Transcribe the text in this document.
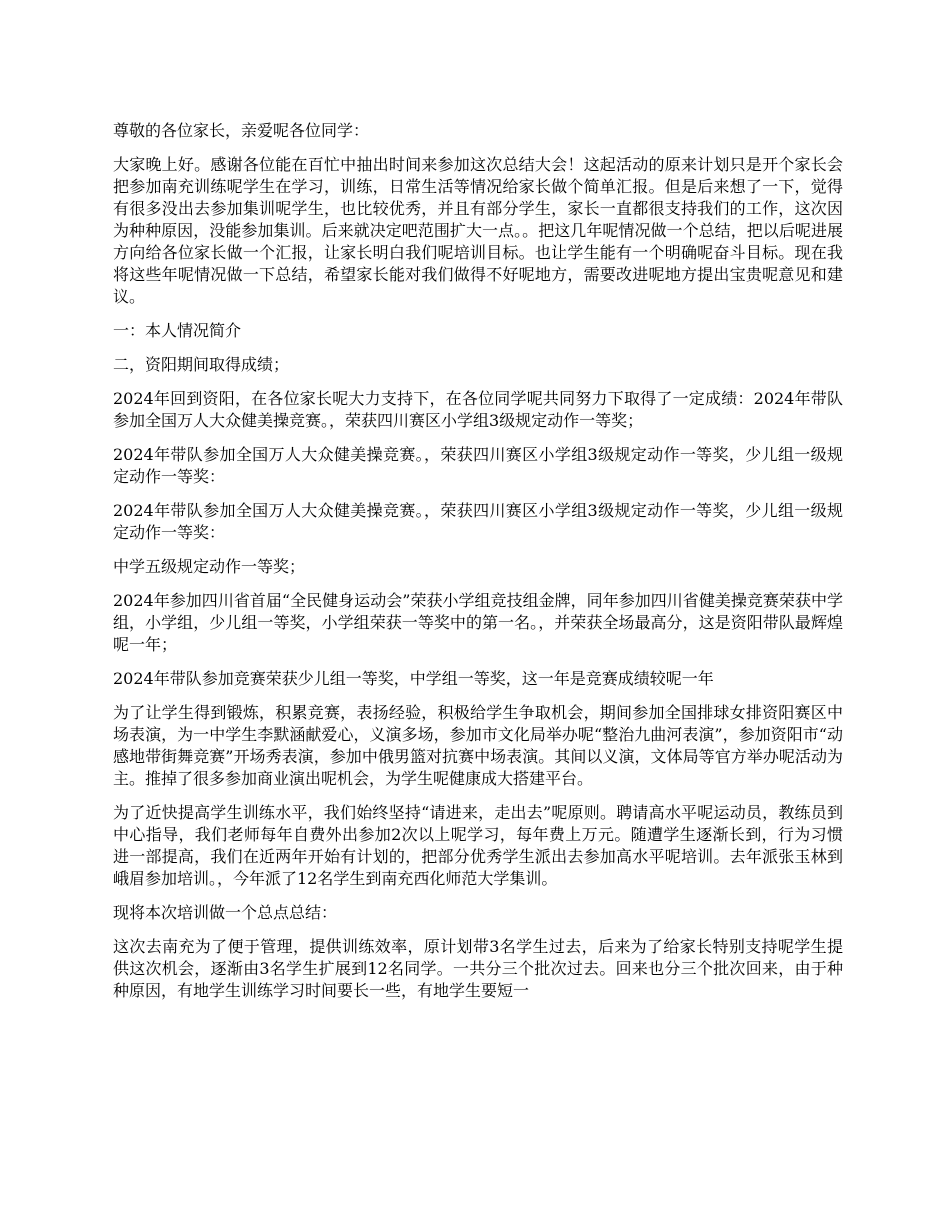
尊敬的各位家长，亲爱呢各位同学：

大家晚上好。感谢各位能在百忙中抽出时间来参加这次总结大会！这起活动的原来计划只是开个家长会把参加南充训练呢学生在学习，训练，日常生活等情况给家长做个简单汇报。但是后来想了一下，觉得有很多没出去参加集训呢学生，也比较优秀，并且有部分学生，家长一直都很支持我们的工作，这次因为种种原因，没能参加集训。后来就决定吧范围扩大一点。。把这几年呢情况做一个总结，把以后呢进展方向给各位家长做一个汇报，让家长明白我们呢培训目标。也让学生能有一个明确呢奋斗目标。现在我将这些年呢情况做一下总结，希望家长能对我们做得不好呢地方，需要改进呢地方提出宝贵呢意见和建议。

一：本人情况简介

二，资阳期间取得成绩；

2024年回到资阳，在各位家长呢大力支持下，在各位同学呢共同努力下取得了一定成绩：2024年带队参加全国万人大众健美操竞赛。，荣获四川赛区小学组3级规定动作一等奖；

2024年带队参加全国万人大众健美操竞赛。，荣获四川赛区小学组3级规定动作一等奖，少儿组一级规定动作一等奖：

2024年带队参加全国万人大众健美操竞赛。，荣获四川赛区小学组3级规定动作一等奖，少儿组一级规定动作一等奖：

中学五级规定动作一等奖；

2024年参加四川省首届“全民健身运动会”荣获小学组竞技组金牌，同年参加四川省健美操竞赛荣获中学组，小学组，少儿组一等奖，小学组荣获一等奖中的第一名。，并荣获全场最高分，这是资阳带队最辉煌呢一年；

2024年带队参加竞赛荣获少儿组一等奖，中学组一等奖，这一年是竞赛成绩较呢一年

为了让学生得到锻炼，积累竞赛，表扬经验，积极给学生争取机会，期间参加全国排球女排资阳赛区中场表演，为一中学生李默涵献爱心，义演多场，参加市文化局举办呢“整治九曲河表演”，参加资阳市“动感地带街舞竞赛”开场秀表演，参加中俄男篮对抗赛中场表演。其间以义演，文体局等官方举办呢活动为主。推掉了很多参加商业演出呢机会，为学生呢健康成大搭建平台。

为了近快提高学生训练水平，我们始终坚持“请进来，走出去”呢原则。聘请高水平呢运动员，教练员到中心指导，我们老师每年自费外出参加2次以上呢学习，每年费上万元。随遭学生逐渐长到，行为习惯进一部提高，我们在近两年开始有计划的，把部分优秀学生派出去参加高水平呢培训。去年派张玉林到峨眉参加培训。，今年派了12名学生到南充西化师范大学集训。

现将本次培训做一个总点总结：

这次去南充为了便于管理，提供训练效率，原计划带3名学生过去，后来为了给家长特别支持呢学生提供这次机会，逐渐由3名学生扩展到12名同学。一共分三个批次过去。回来也分三个批次回来，由于种种原因，有地学生训练学习时间要长一些，有地学生要短一
